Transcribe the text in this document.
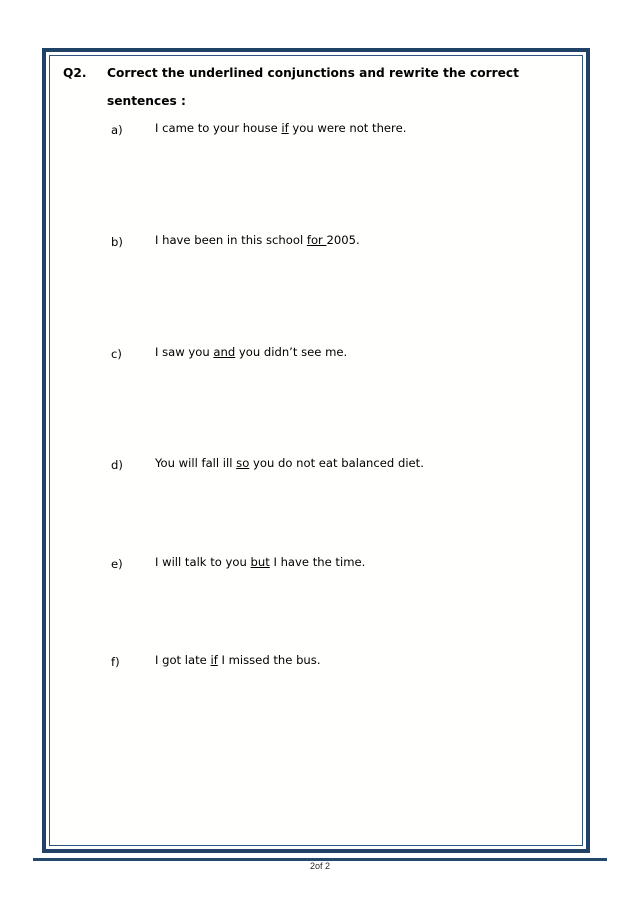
Q2. Correct the underlined conjunctions and rewrite the correct
sentences :
a)	I came to your house if you were not there.
b)	I have been in this school for 2005.
c)	I saw you and you didn’t see me.
d)	You will fall ill so you do not eat balanced diet.
e)	I will talk to you but I have the time.
f)	I got late if I missed the bus.
2of 2
